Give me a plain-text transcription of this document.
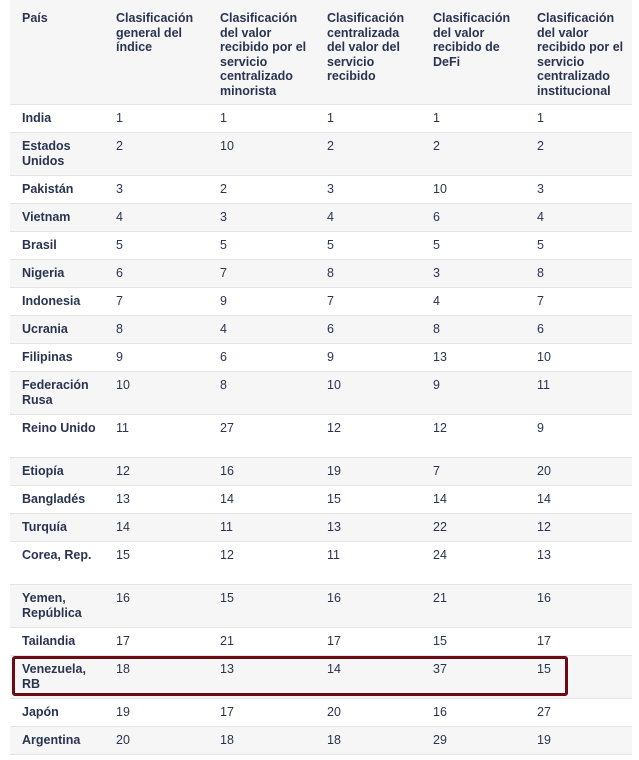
País	Clasificación general del índice	Clasificación del valor recibido por el servicio centralizado minorista	Clasificación centralizada del valor del servicio recibido	Clasificación del valor recibido de DeFi	Clasificación del valor recibido por el servicio centralizado institucional
India	1	1	1	1	1
Estados Unidos	2	10	2	2	2
Pakistán	3	2	3	10	3
Vietnam	4	3	4	6	4
Brasil	5	5	5	5	5
Nigeria	6	7	8	3	8
Indonesia	7	9	7	4	7
Ucrania	8	4	6	8	6
Filipinas	9	6	9	13	10
Federación Rusa	10	8	10	9	11
Reino Unido	11	27	12	12	9
Etiopía	12	16	19	7	20
Bangladés	13	14	15	14	14
Turquía	14	11	13	22	12
Corea, Rep.	15	12	11	24	13
Yemen, República	16	15	16	21	16
Tailandia	17	21	17	15	17
Venezuela, RB	18	13	14	37	15
Japón	19	17	20	16	27
Argentina	20	18	18	29	19
